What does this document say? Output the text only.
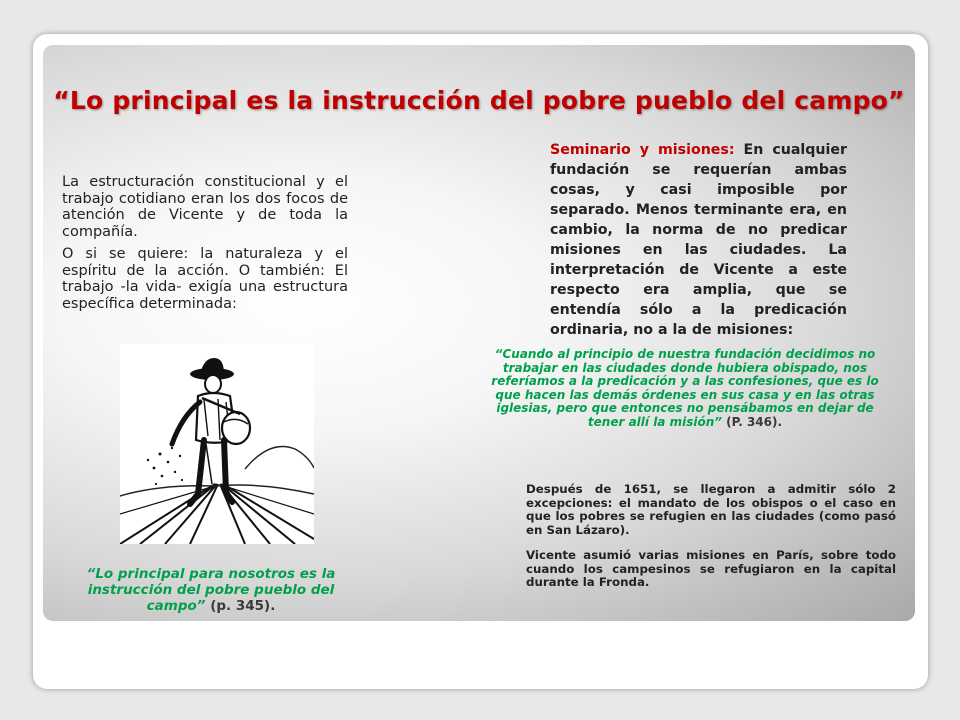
“Lo principal es la instrucción del pobre pueblo del campo”

La estructuración constitucional y el trabajo cotidiano eran los dos focos de atención de Vicente y de toda la compañía.

O si se quiere: la naturaleza y el espíritu de la acción. O también: El trabajo -la vida- exigía una estructura específica determinada:

“Lo principal para nosotros es la instrucción del pobre pueblo del campo” (p. 345).

Seminario y misiones: En cualquier fundación se requerían ambas cosas, y casi imposible por separado. Menos terminante era, en cambio, la norma de no predicar misiones en las ciudades. La interpretación de Vicente a este respecto era amplia, que se entendía sólo a la predicación ordinaria, no a la de misiones:

“Cuando al principio de nuestra fundación decidimos no trabajar en las ciudades donde hubiera obispado, nos referíamos a la predicación y a las confesiones, que es lo que hacen las demás órdenes en sus casa y en las otras iglesias, pero que entonces no pensábamos en dejar de tener allí la misión” (P. 346).

Después de 1651, se llegaron a admitir sólo 2 excepciones: el mandato de los obispos o el caso en que los pobres se refugien en las ciudades (como pasó en San Lázaro).

Vicente asumió varias misiones en París, sobre todo cuando los campesinos se refugiaron en la capital durante la Fronda.
